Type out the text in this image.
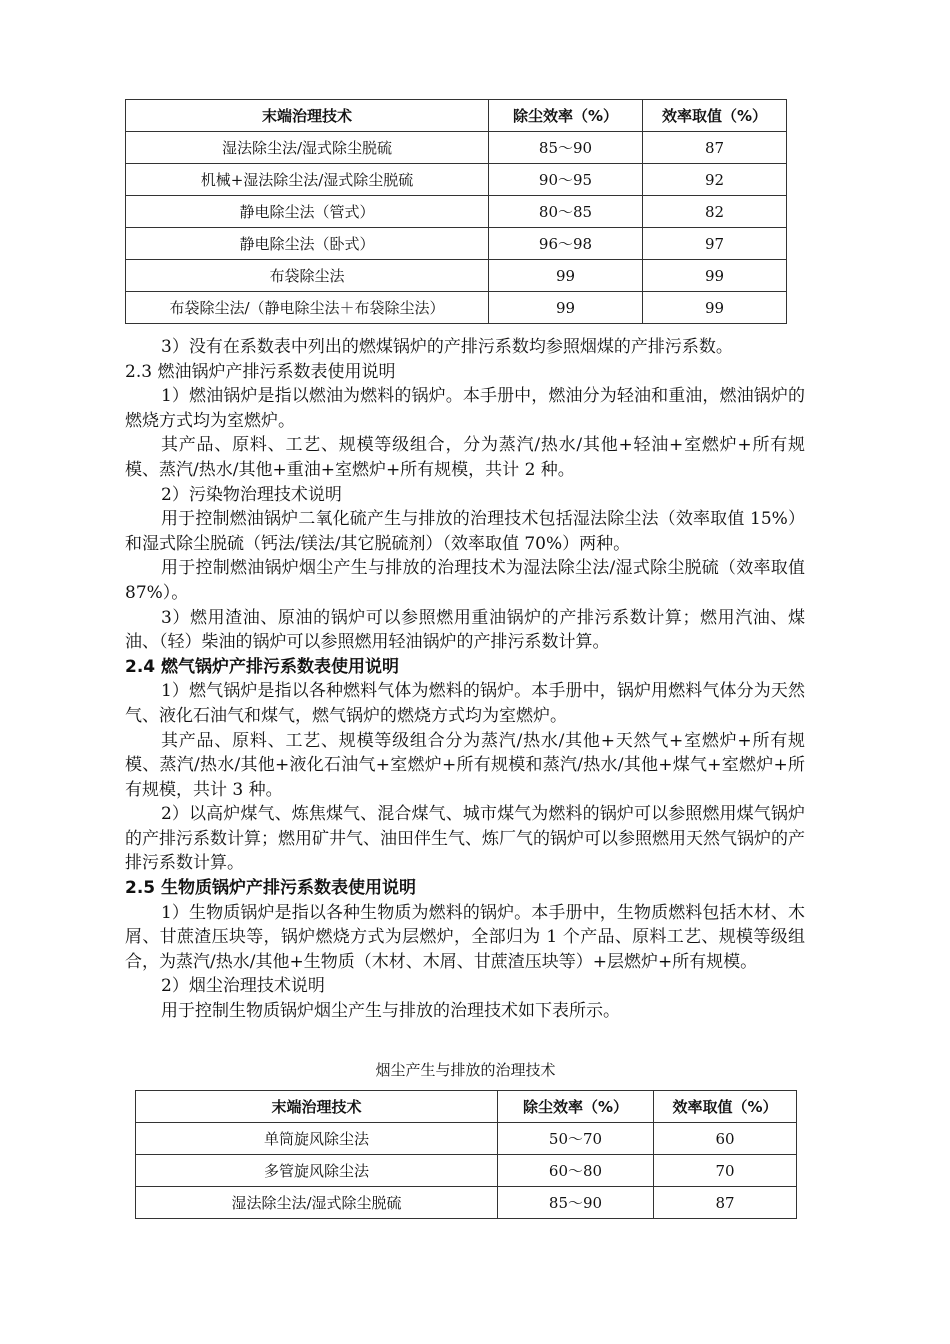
末端治理技术	除尘效率（%）	效率取值（%）
湿法除尘法/湿式除尘脱硫	85～90	87
机械+湿法除尘法/湿式除尘脱硫	90～95	92
静电除尘法（管式）	80～85	82
静电除尘法（卧式）	96～98	97
布袋除尘法	99	99
布袋除尘法/（静电除尘法＋布袋除尘法）	99	99

3）没有在系数表中列出的燃煤锅炉的产排污系数均参照烟煤的产排污系数。

2.3 燃油锅炉产排污系数表使用说明

1）燃油锅炉是指以燃油为燃料的锅炉。本手册中，燃油分为轻油和重油，燃油锅炉的燃烧方式均为室燃炉。

其产品、原料、工艺、规模等级组合，分为蒸汽/热水/其他+轻油+室燃炉+所有规模、蒸汽/热水/其他+重油+室燃炉+所有规模，共计 2 种。

2）污染物治理技术说明

用于控制燃油锅炉二氧化硫产生与排放的治理技术包括湿法除尘法（效率取值 15%）和湿式除尘脱硫（钙法/镁法/其它脱硫剂）（效率取值 70%）两种。

用于控制燃油锅炉烟尘产生与排放的治理技术为湿法除尘法/湿式除尘脱硫（效率取值 87%）。

3）燃用渣油、原油的锅炉可以参照燃用重油锅炉的产排污系数计算；燃用汽油、煤油、（轻）柴油的锅炉可以参照燃用轻油锅炉的产排污系数计算。

2.4 燃气锅炉产排污系数表使用说明

1）燃气锅炉是指以各种燃料气体为燃料的锅炉。本手册中，锅炉用燃料气体分为天然气、液化石油气和煤气，燃气锅炉的燃烧方式均为室燃炉。

其产品、原料、工艺、规模等级组合分为蒸汽/热水/其他+天然气+室燃炉+所有规模、蒸汽/热水/其他+液化石油气+室燃炉+所有规模和蒸汽/热水/其他+煤气+室燃炉+所有规模，共计 3 种。

2）以高炉煤气、炼焦煤气、混合煤气、城市煤气为燃料的锅炉可以参照燃用煤气锅炉的产排污系数计算；燃用矿井气、油田伴生气、炼厂气的锅炉可以参照燃用天然气锅炉的产排污系数计算。

2.5 生物质锅炉产排污系数表使用说明

1）生物质锅炉是指以各种生物质为燃料的锅炉。本手册中，生物质燃料包括木材、木屑、甘蔗渣压块等，锅炉燃烧方式为层燃炉，全部归为 1 个产品、原料工艺、规模等级组合，为蒸汽/热水/其他+生物质（木材、木屑、甘蔗渣压块等）+层燃炉+所有规模。

2）烟尘治理技术说明

用于控制生物质锅炉烟尘产生与排放的治理技术如下表所示。

烟尘产生与排放的治理技术
末端治理技术	除尘效率（%）	效率取值（%）
单筒旋风除尘法	50～70	60
多管旋风除尘法	60～80	70
湿法除尘法/湿式除尘脱硫	85～90	87
